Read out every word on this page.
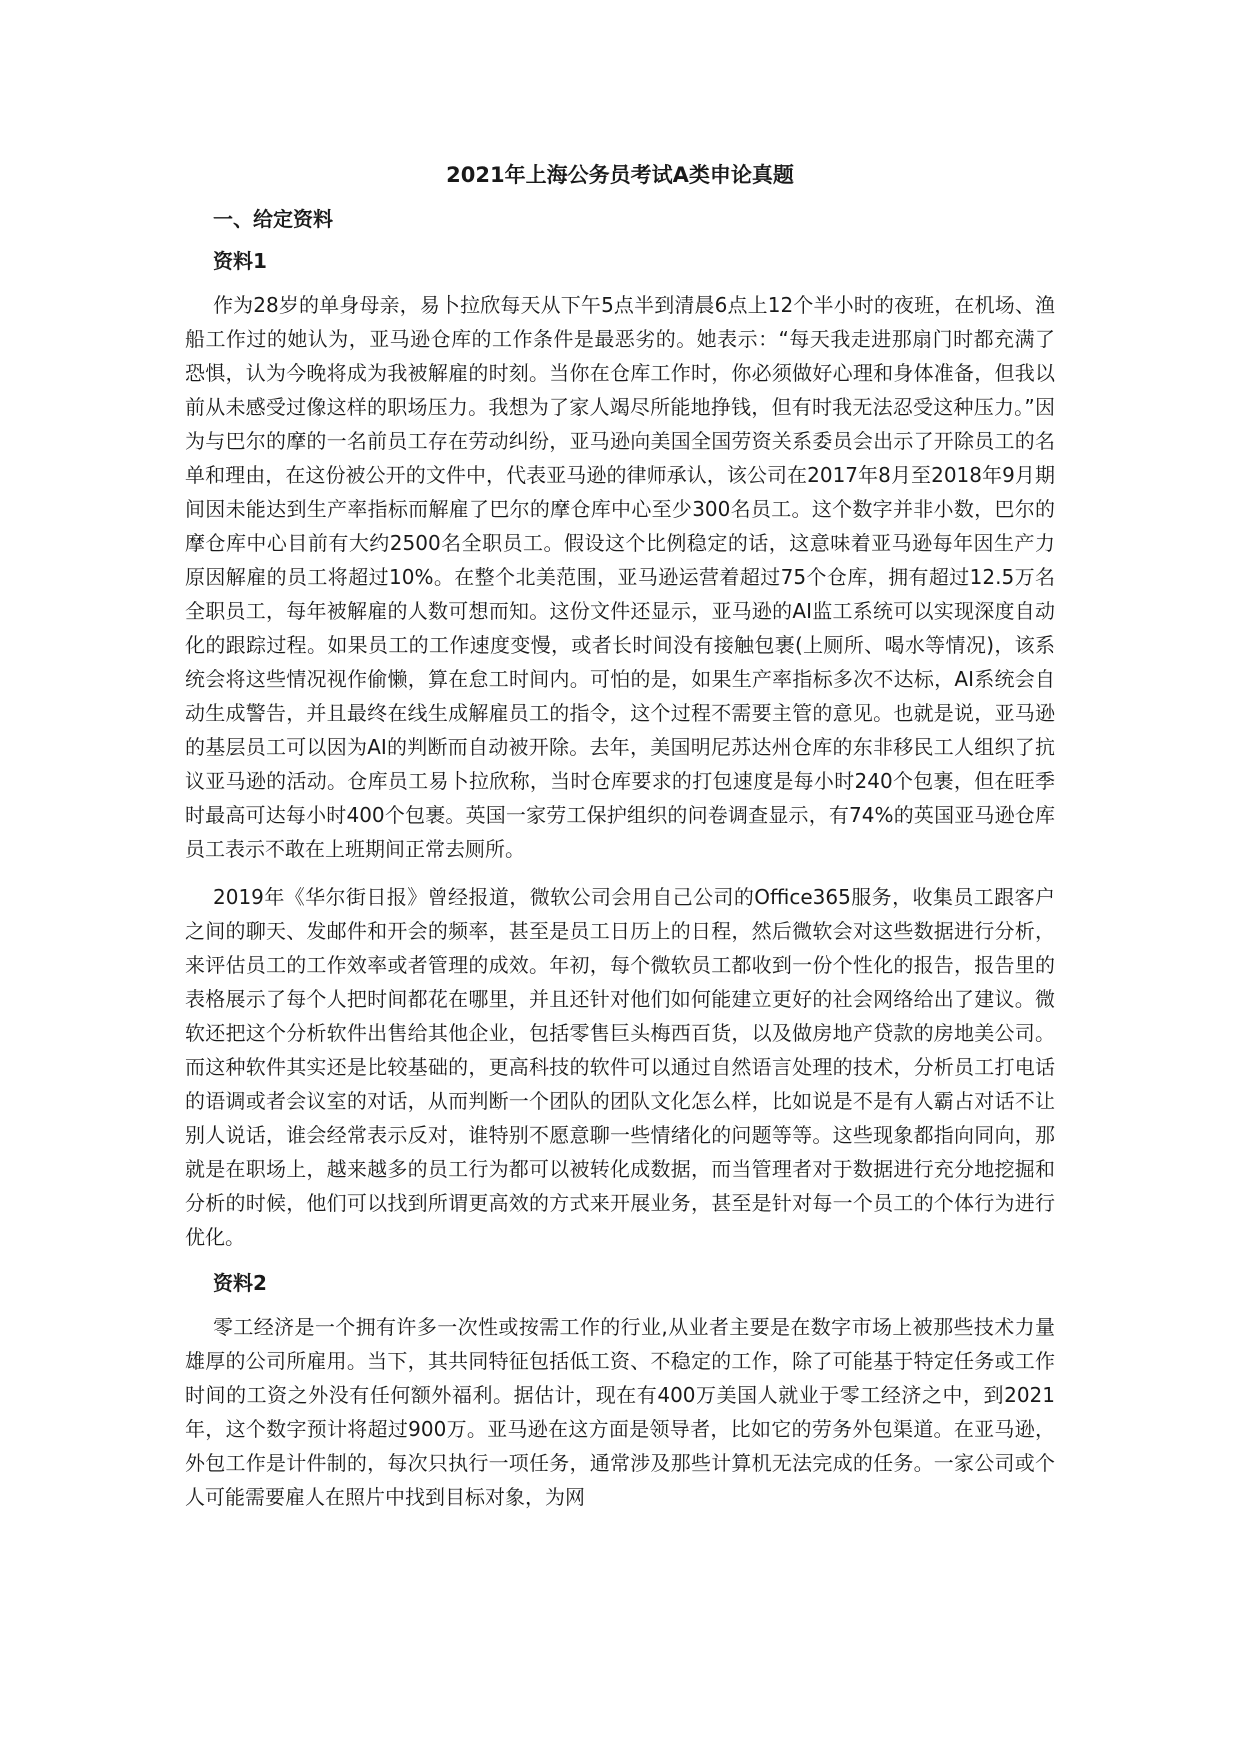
2021年上海公务员考试A类申论真题
一、给定资料
资料1

作为28岁的单身母亲，易卜拉欣每天从下午5点半到清晨6点上12个半小时的夜班，在机场、渔船工作过的她认为，亚马逊仓库的工作条件是最恶劣的。她表示：“每天我走进那扇门时都充满了恐惧，认为今晚将成为我被解雇的时刻。当你在仓库工作时，你必须做好心理和身体准备，但我以前从未感受过像这样的职场压力。我想为了家人竭尽所能地挣钱，但有时我无法忍受这种压力。”因为与巴尔的摩的一名前员工存在劳动纠纷，亚马逊向美国全国劳资关系委员会出示了开除员工的名单和理由，在这份被公开的文件中，代表亚马逊的律师承认，该公司在2017年8月至2018年9月期间因未能达到生产率指标而解雇了巴尔的摩仓库中心至少300名员工。这个数字并非小数，巴尔的摩仓库中心目前有大约2500名全职员工。假设这个比例稳定的话，这意味着亚马逊每年因生产力原因解雇的员工将超过10%。在整个北美范围，亚马逊运营着超过75个仓库，拥有超过12.5万名全职员工，每年被解雇的人数可想而知。这份文件还显示，亚马逊的AI监工系统可以实现深度自动化的跟踪过程。如果员工的工作速度变慢，或者长时间没有接触包裹(上厕所、喝水等情况)，该系统会将这些情况视作偷懒，算在怠工时间内。可怕的是，如果生产率指标多次不达标，AI系统会自动生成警告，并且最终在线生成解雇员工的指令，这个过程不需要主管的意见。也就是说，亚马逊的基层员工可以因为AI的判断而自动被开除。去年，美国明尼苏达州仓库的东非移民工人组织了抗议亚马逊的活动。仓库员工易卜拉欣称，当时仓库要求的打包速度是每小时240个包裹，但在旺季时最高可达每小时400个包裹。英国一家劳工保护组织的问卷调查显示，有74%的英国亚马逊仓库员工表示不敢在上班期间正常去厕所。

2019年《华尔街日报》曾经报道，微软公司会用自己公司的Office365服务，收集员工跟客户之间的聊天、发邮件和开会的频率，甚至是员工日历上的日程，然后微软会对这些数据进行分析，来评估员工的工作效率或者管理的成效。年初，每个微软员工都收到一份个性化的报告，报告里的表格展示了每个人把时间都花在哪里，并且还针对他们如何能建立更好的社会网络给出了建议。微软还把这个分析软件出售给其他企业，包括零售巨头梅西百货，以及做房地产贷款的房地美公司。而这种软件其实还是比较基础的，更高科技的软件可以通过自然语言处理的技术，分析员工打电话的语调或者会议室的对话，从而判断一个团队的团队文化怎么样，比如说是不是有人霸占对话不让别人说话，谁会经常表示反对，谁特别不愿意聊一些情绪化的问题等等。这些现象都指向同向，那就是在职场上，越来越多的员工行为都可以被转化成数据，而当管理者对于数据进行充分地挖掘和分析的时候，他们可以找到所谓更高效的方式来开展业务，甚至是针对每一个员工的个体行为进行优化。

资料2

零工经济是一个拥有许多一次性或按需工作的行业,从业者主要是在数字市场上被那些技术力量雄厚的公司所雇用。当下，其共同特征包括低工资、不稳定的工作，除了可能基于特定任务或工作时间的工资之外没有任何额外福利。据估计，现在有400万美国人就业于零工经济之中，到2021年，这个数字预计将超过900万。亚马逊在这方面是领导者，比如它的劳务外包渠道。在亚马逊，外包工作是计件制的，每次只执行一项任务，通常涉及那些计算机无法完成的任务。一家公司或个人可能需要雇人在照片中找到目标对象，为网
